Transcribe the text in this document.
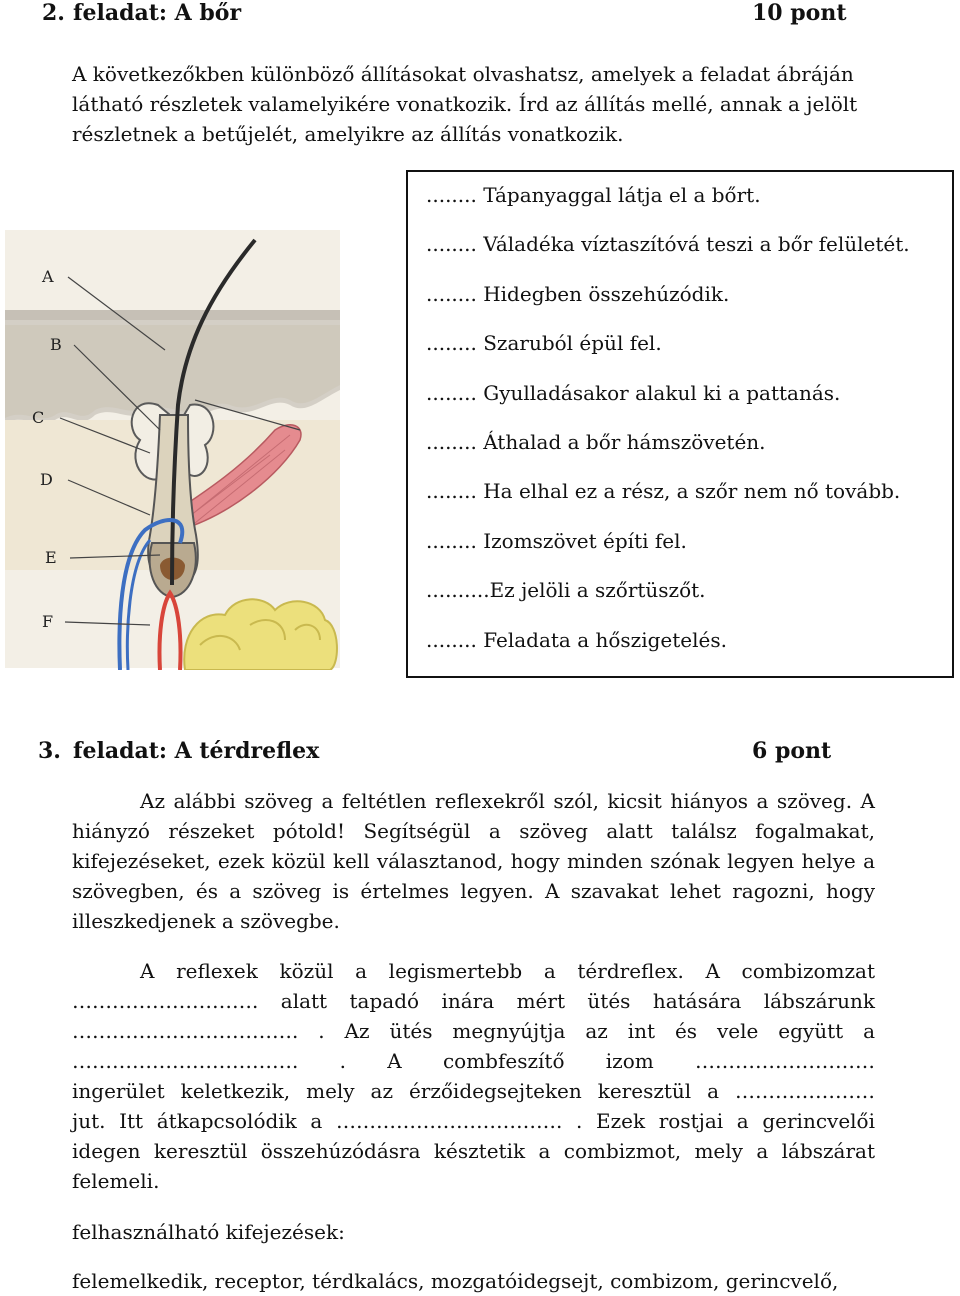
2. feladat: A bőr	10 pont

A következőkben különböző állításokat olvashatsz, amelyek a feladat ábráján

látható részletek valamelyikére vonatkozik. Írd az állítás mellé, annak a jelölt

részletnek a betűjelét, amelyikre az állítás vonatkozik.

A
B
C
D
E
F
........ Tápanyaggal látja el a bőrt.
........ Váladéka víztaszítóvá teszi a bőr felületét.
........ Hidegben összehúzódik.
........ Szaruból épül fel.
........ Gyulladásakor alakul ki a pattanás.
........ Áthalad a bőr hámszövetén.
........ Ha elhal ez a rész, a szőr nem nő tovább.
........ Izomszövet építi fel.
..........Ez jelöli a szőrtüszőt.
........ Feladata a hőszigetelés.
3. feladat: A térdreflex	6 pont

Az alábbi szöveg a feltétlen reflexekről szól, kicsit hiányos a szöveg. A

hiányzó részeket pótold! Segítségül a szöveg alatt találsz fogalmakat,

kifejezéseket, ezek közül kell választanod, hogy minden szónak legyen helye a

szövegben, és a szöveg is értelmes legyen. A szavakat lehet ragozni, hogy

illeszkedjenek a szövegbe.

A reflexek közül a legismertebb a térdreflex. A combizomzat

………………………. alatt tapadó inára mért ütés hatására lábszárunk

……………………………. . Az ütés megnyújtja az int és vele együtt a

……………………………. . A combfeszítő izom ………………………

ingerület keletkezik, mely az érzőidegsejteken keresztül a …………………

jut. Itt átkapcsolódik a ……………………………. . Ezek rostjai a gerincvelői

idegen keresztül összehúzódásra késztetik a combizmot, mely a lábszárat

felemeli.

felhasználható kifejezések:
felemelkedik, receptor, térdkalács, mozgatóidegsejt, combizom, gerincvelő,
